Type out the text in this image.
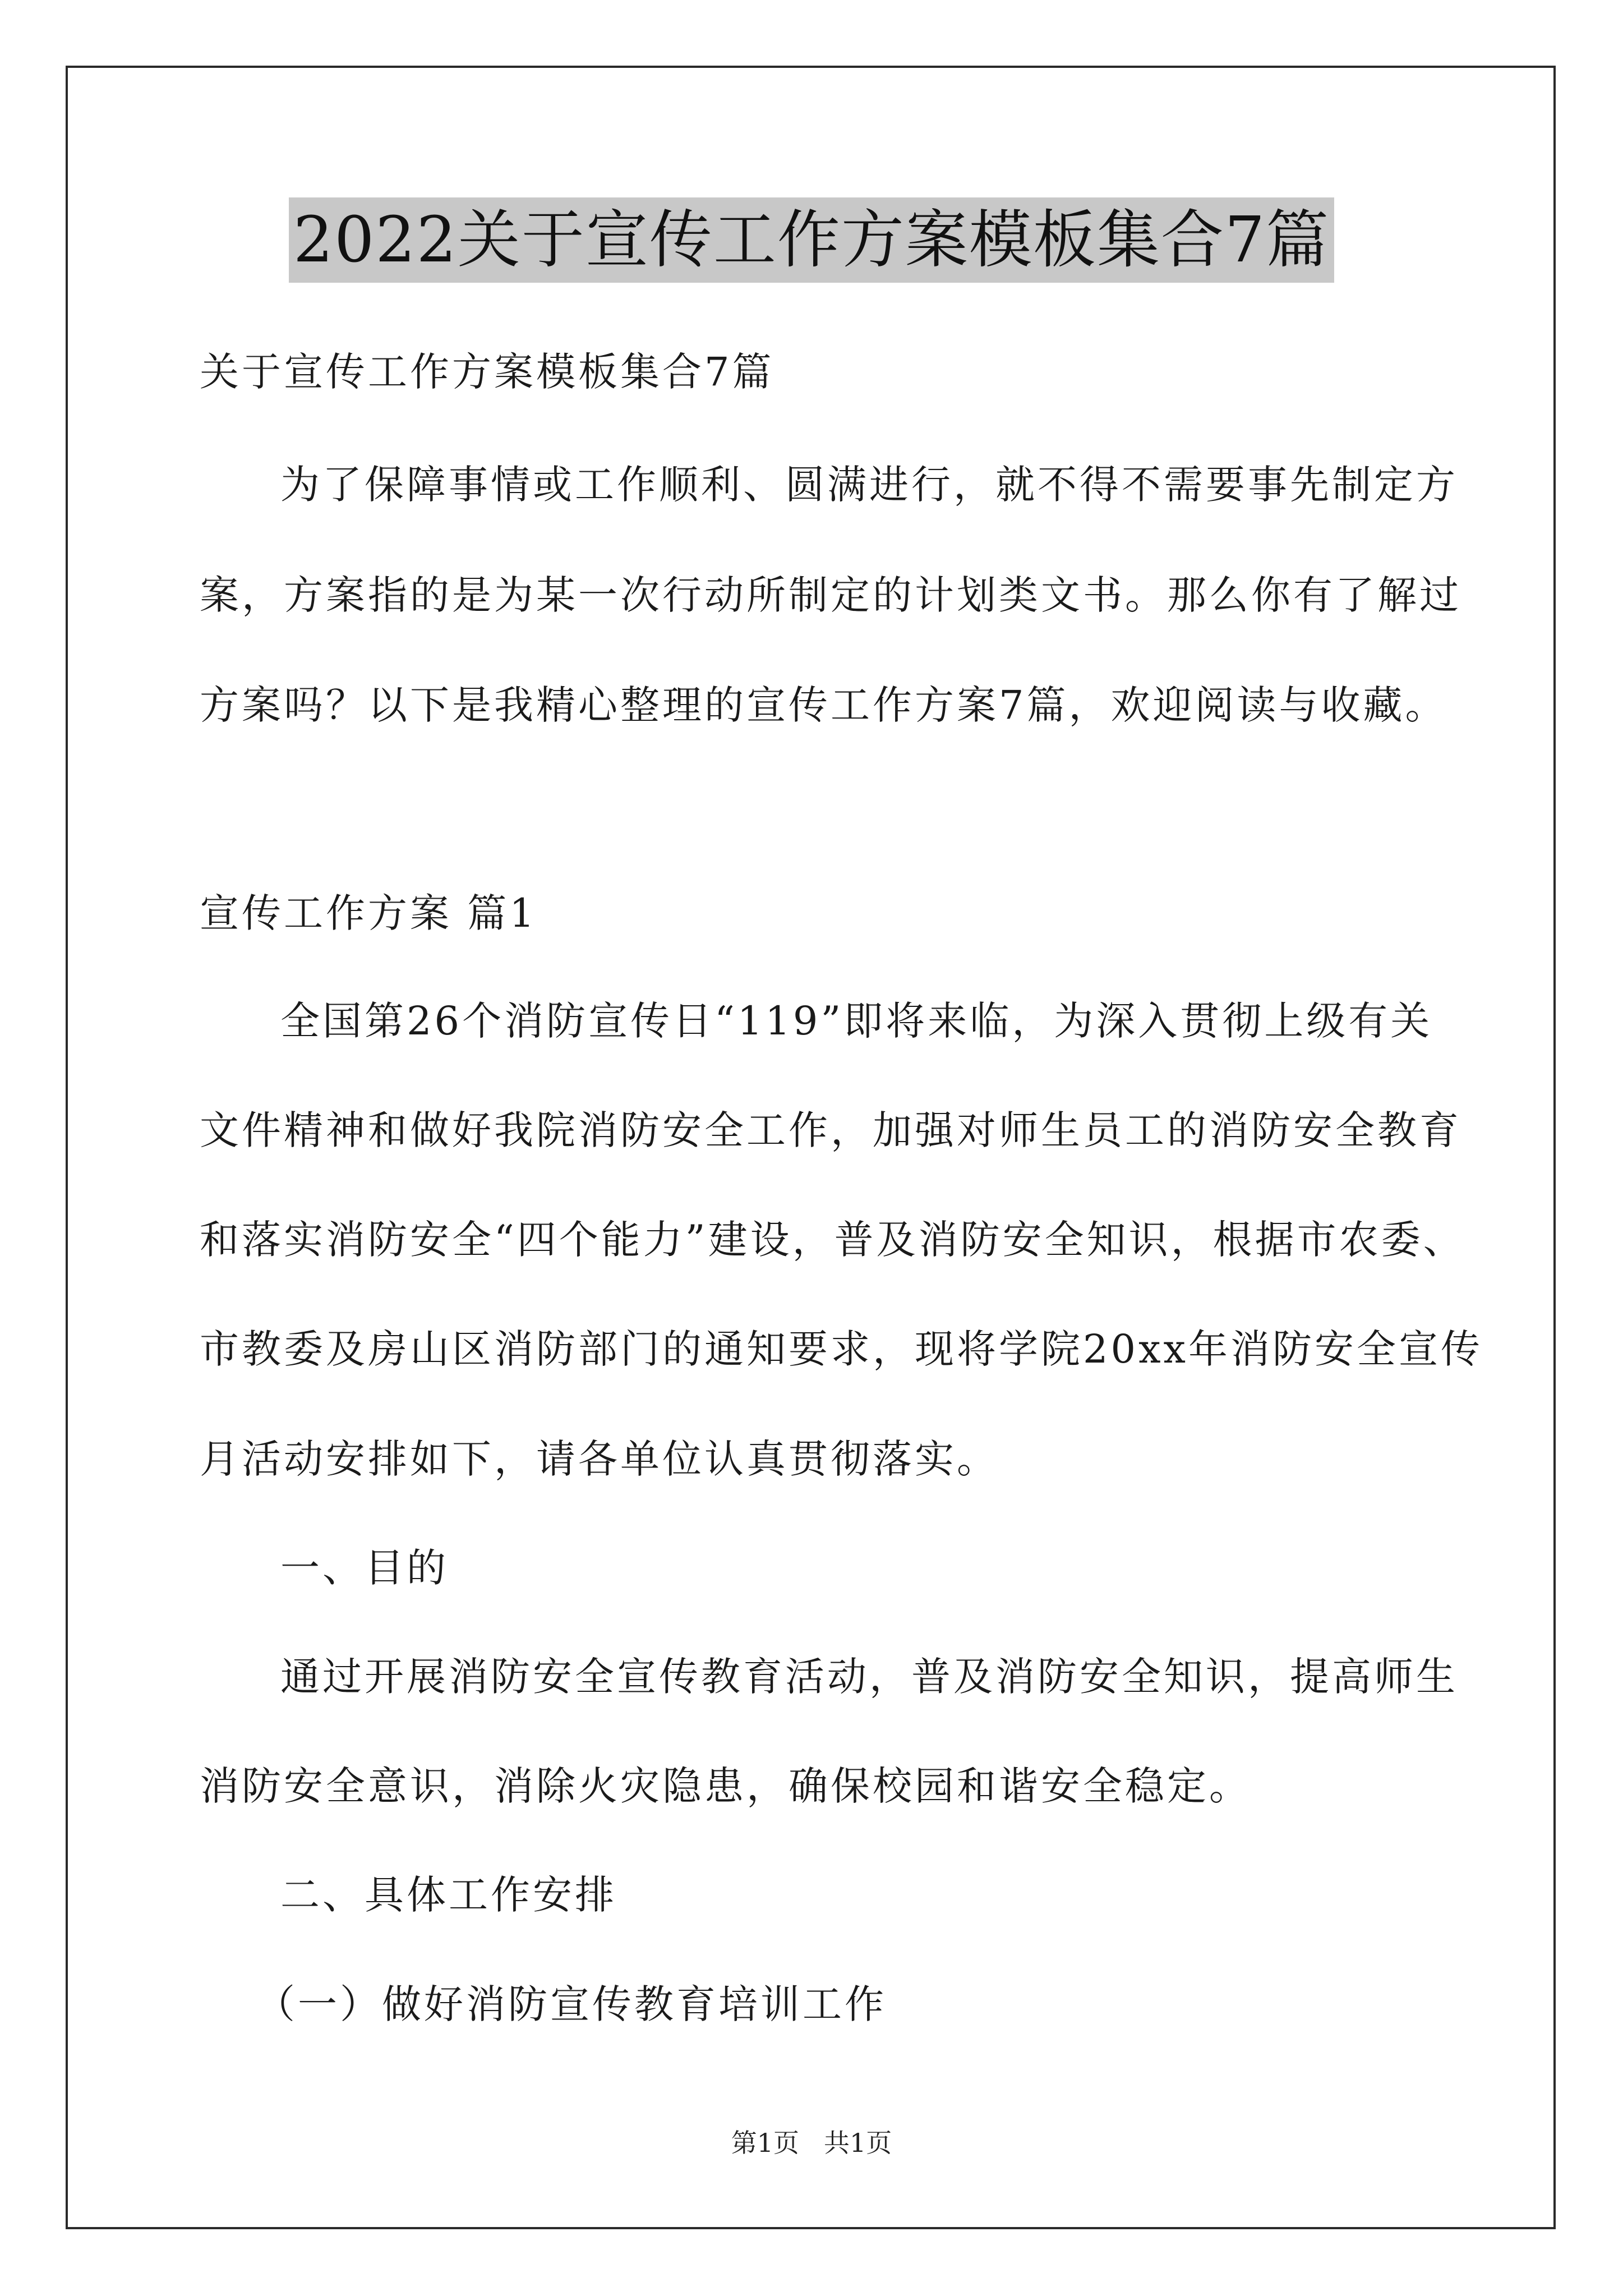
2022关于宣传工作方案模板集合7篇
关于宣传工作方案模板集合7篇
为了保障事情或工作顺利、圆满进行，就不得不需要事先制定方
案，方案指的是为某一次行动所制定的计划类文书。那么你有了解过
方案吗？以下是我精心整理的宣传工作方案7篇，欢迎阅读与收藏。
宣传工作方案 篇1
全国第26个消防宣传日“119”即将来临，为深入贯彻上级有关
文件精神和做好我院消防安全工作，加强对师生员工的消防安全教育
和落实消防安全“四个能力”建设，普及消防安全知识，根据市农委、
市教委及房山区消防部门的通知要求，现将学院20xx年消防安全宣传
月活动安排如下，请各单位认真贯彻落实。
一、目的
通过开展消防安全宣传教育活动，普及消防安全知识，提高师生
消防安全意识，消除火灾隐患，确保校园和谐安全稳定。
二、具体工作安排
（一）做好消防宣传教育培训工作
第1页 共1页
